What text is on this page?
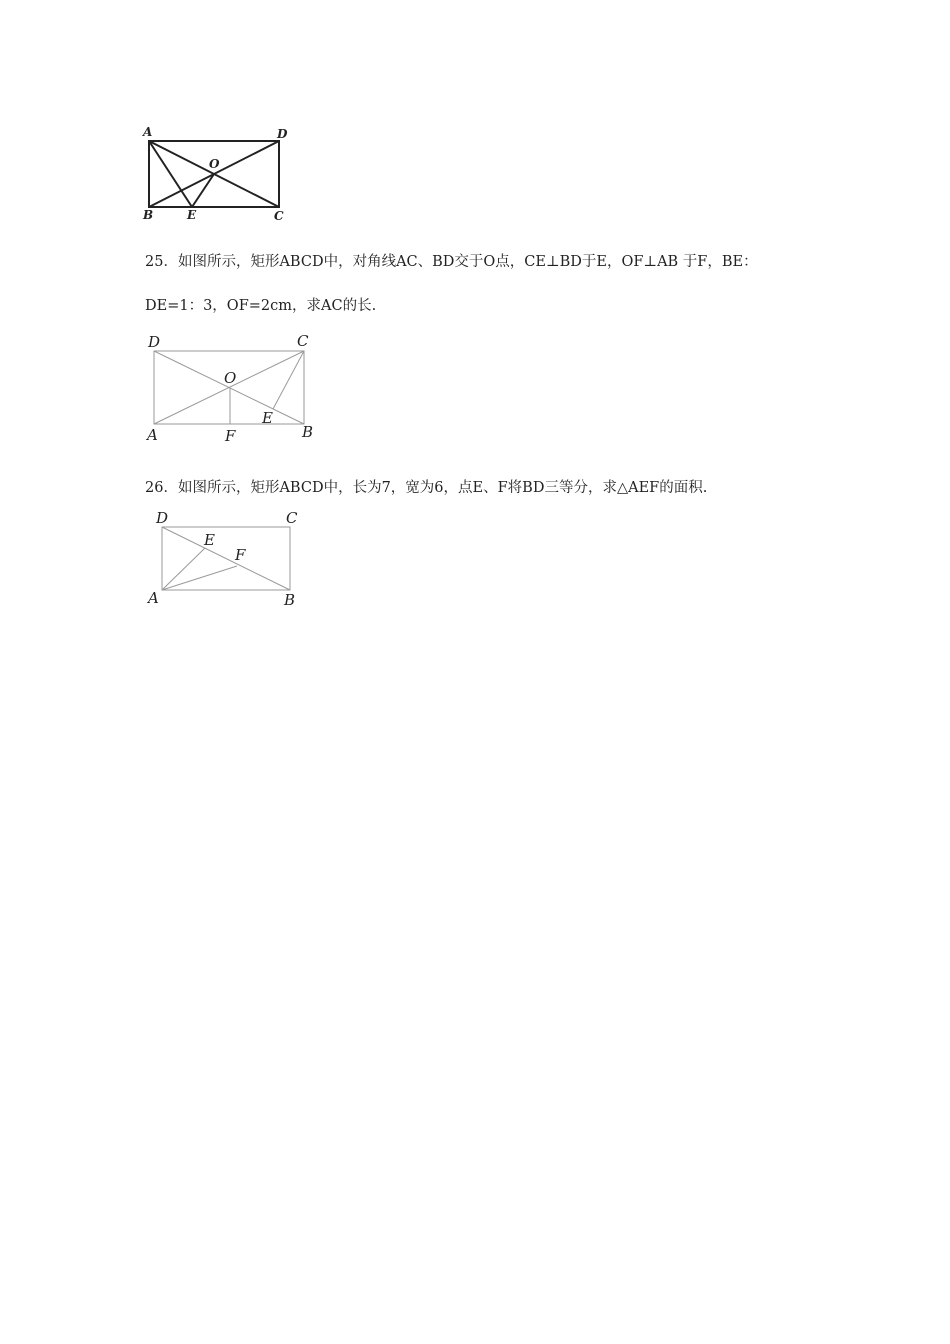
A	D
O
B	E	C
25．如图所示，矩形ABCD中，对角线AC、BD交于O点，CE⊥BD于E，OF⊥AB 于F，BE：
DE=1：3，OF=2cm，求AC的长.
D	C
O
E
A	F	B
26．如图所示，矩形ABCD中，长为7，宽为6，点E、F将BD三等分，求△AEF的面积.
D	C
E
F
A	B
